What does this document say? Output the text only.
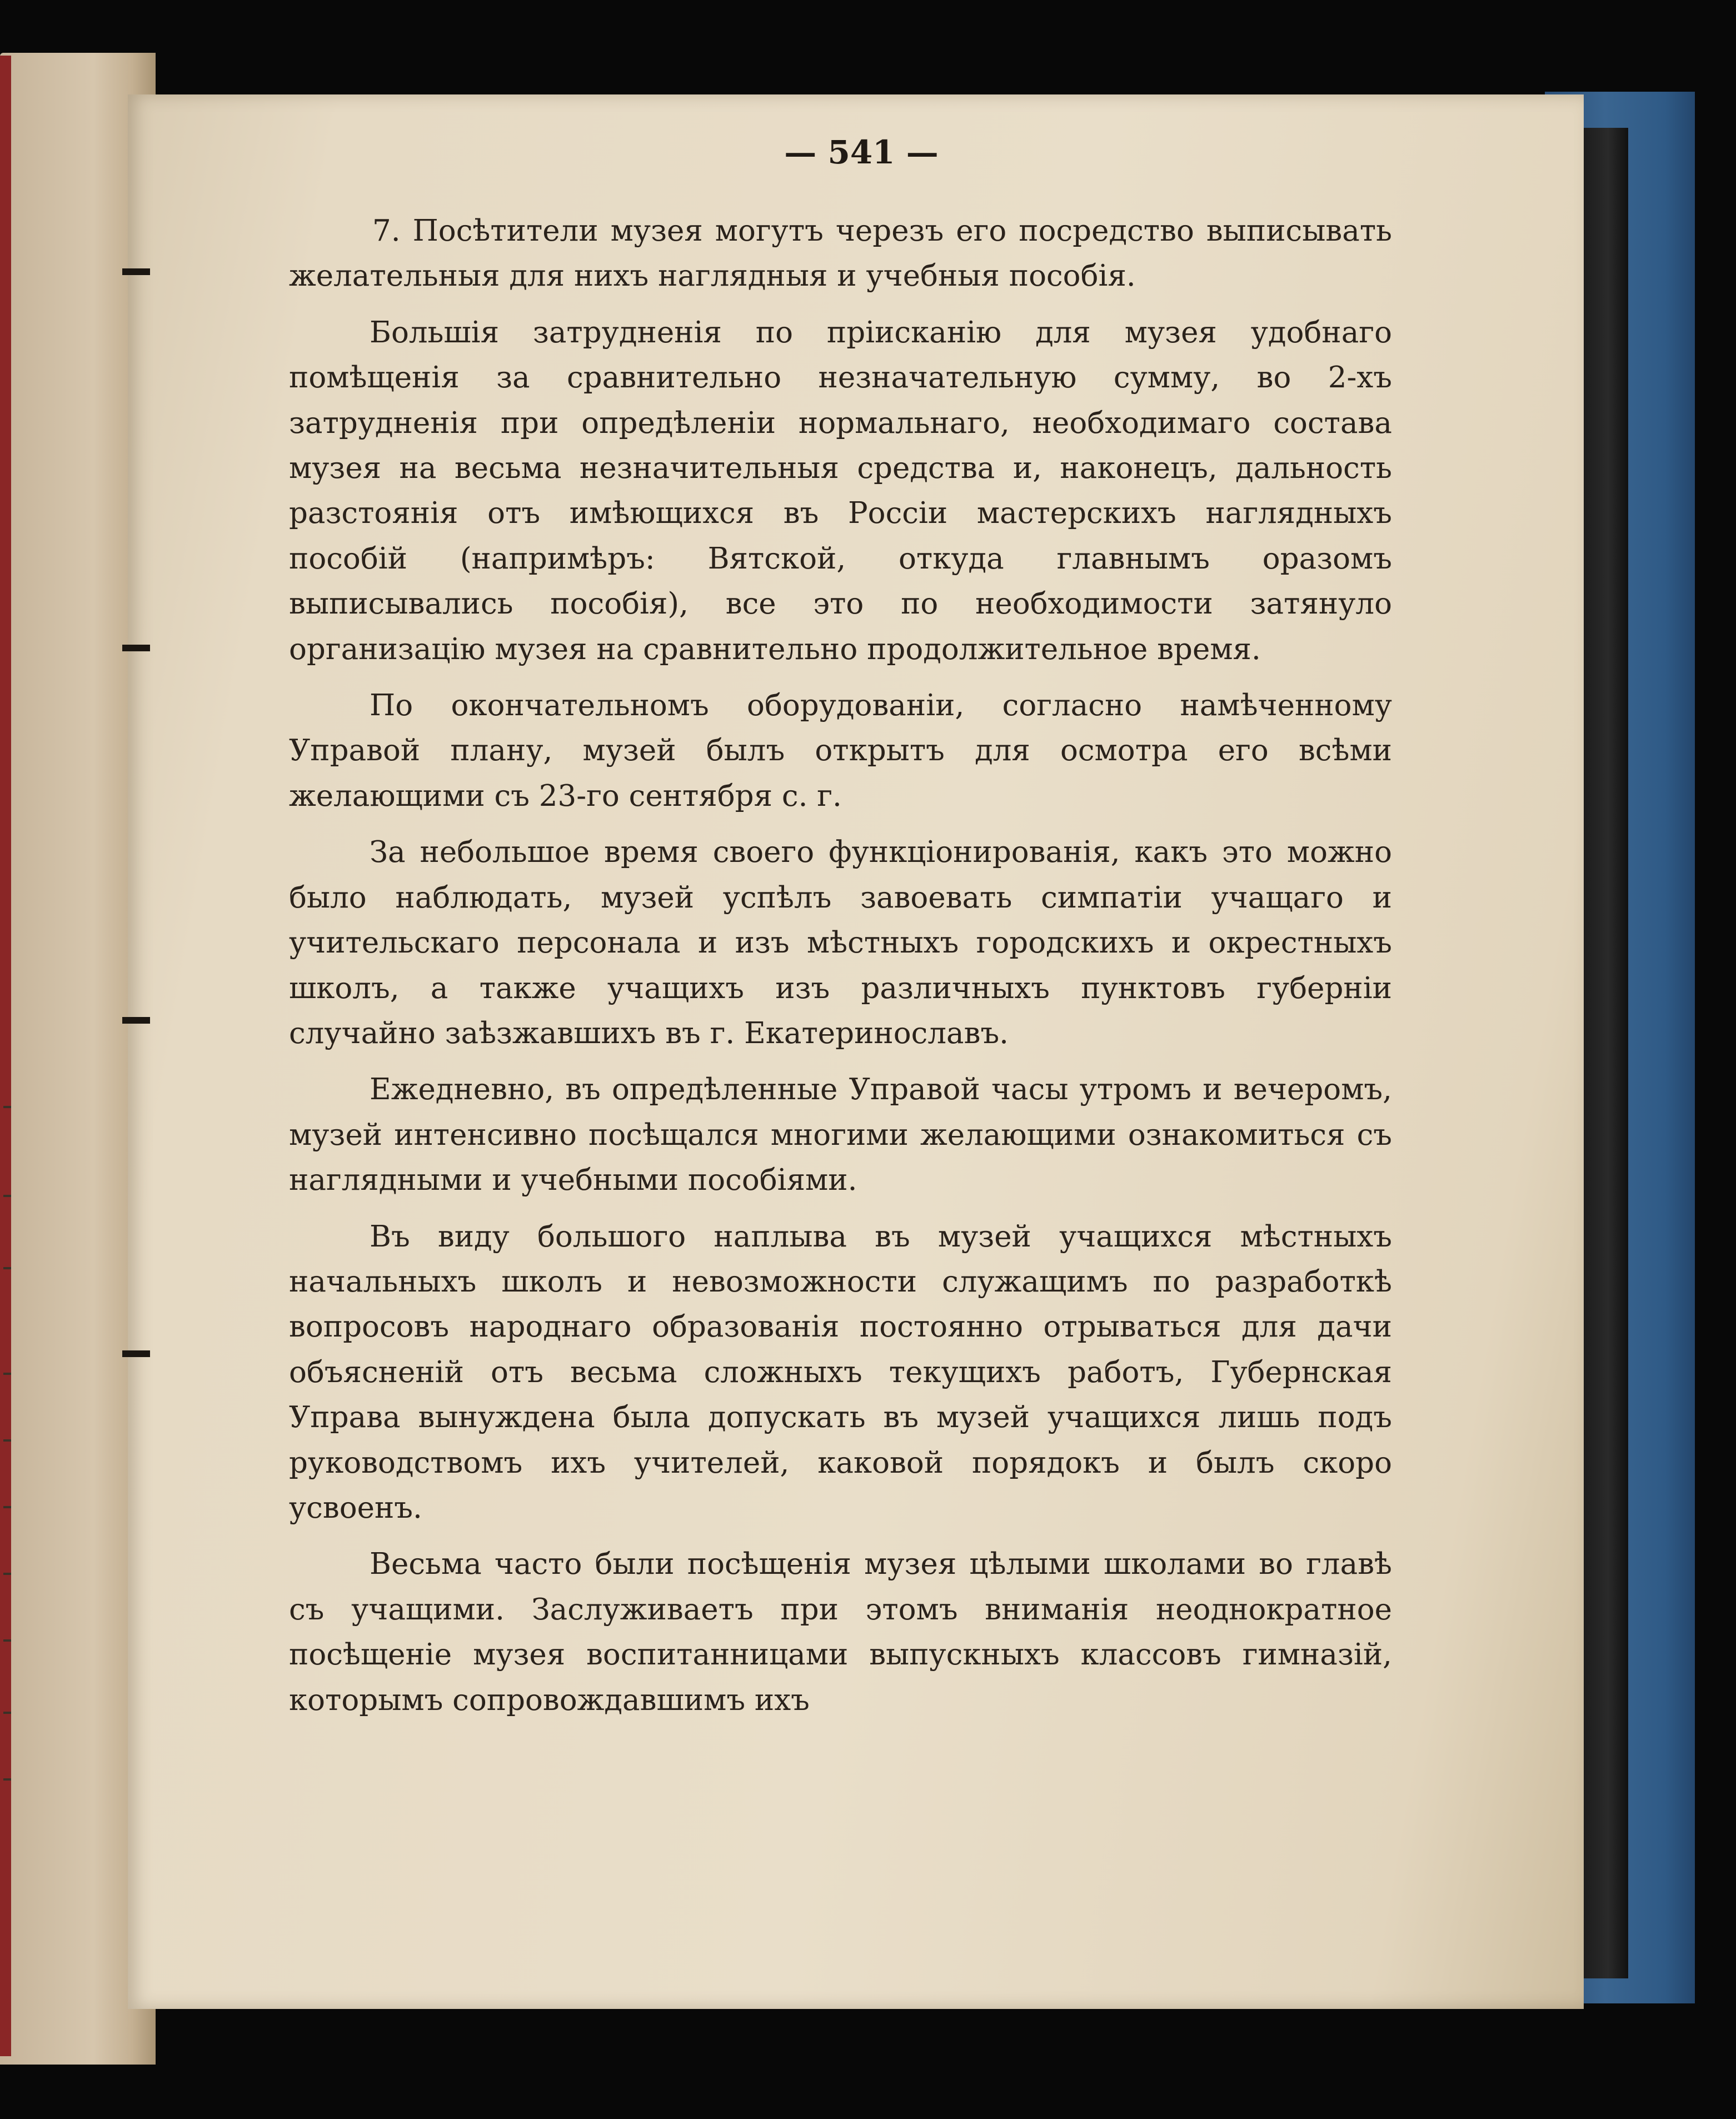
— 541 —

7. Посѣтители музея могутъ черезъ его посредство выписывать желательныя для нихъ наглядныя и учебныя пособія.

Большія затрудненія по пріисканію для музея удобнаго помѣщенія за сравнительно незначательную сумму, во 2-хъ затрудненія при опредѣленіи нормальнаго, необходимаго состава музея на весьма незначительныя средства и, наконецъ, дальность разстоянія отъ имѣющихся въ Россіи мастерскихъ наглядныхъ пособій (напримѣръ: Вятской, откуда главнымъ оразомъ выписывались пособія), все это по необходимости затянуло организацію музея на сравнительно продолжительное время.

По окончательномъ оборудованіи, согласно намѣченному Управой плану, музей былъ открытъ для осмотра его всѣми желающими съ 23-го сентября с. г.

За небольшое время своего функціонированія, какъ это можно было наблюдать, музей успѣлъ завоевать симпатіи учащаго и учительскаго персонала и изъ мѣстныхъ городскихъ и окрестныхъ школъ, а также учащихъ изъ различныхъ пунктовъ губерніи случайно заѣзжавшихъ въ г. Екатеринославъ.

Ежедневно, въ опредѣленные Управой часы утромъ и вечеромъ, музей интенсивно посѣщался многими желающими ознакомиться съ наглядными и учебными пособіями.

Въ виду большого наплыва въ музей учащихся мѣстныхъ начальныхъ школъ и невозможности служащимъ по разработкѣ вопросовъ народнаго образованія постоянно отрываться для дачи объясненій отъ весьма сложныхъ текущихъ работъ, Губернская Управа вынуждена была допускать въ музей учащихся лишь подъ руководствомъ ихъ учителей, каковой порядокъ и былъ скоро усвоенъ.

Весьма часто были посѣщенія музея цѣлыми школами во главѣ съ учащими. Заслуживаетъ при этомъ вниманія неоднократное посѣщеніе музея воспитанницами выпускныхъ классовъ гимназій, которымъ сопровождавшимъ ихъ
